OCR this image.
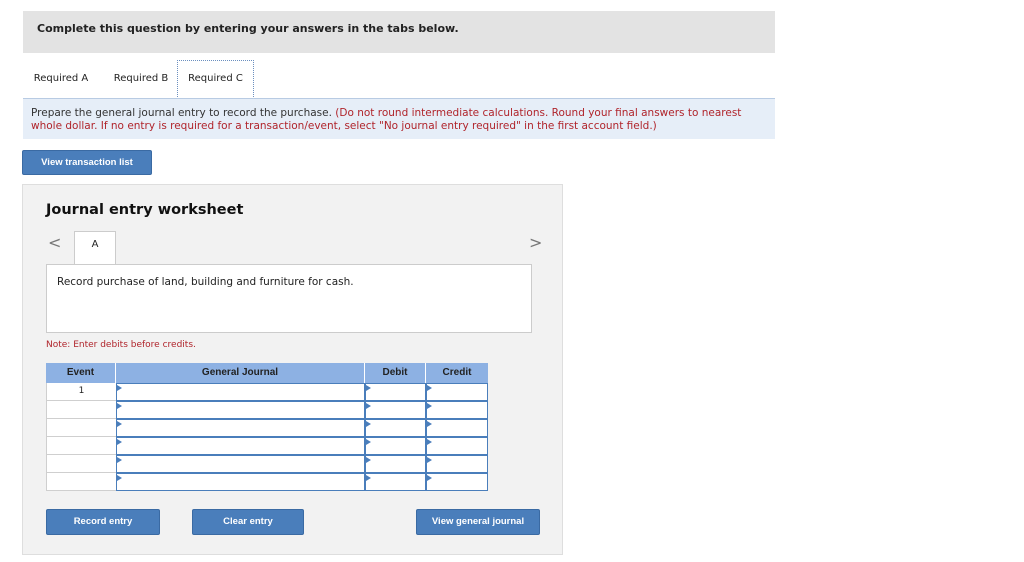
Complete this question by entering your answers in the tabs below.
Required A	Required B	Required C
Prepare the general journal entry to record the purchase. (Do not round intermediate calculations. Round your final answers to nearest whole dollar. If no entry is required for a transaction/event, select "No journal entry required" in the first account field.)
View transaction list
Journal entry worksheet
<	>
A
Record purchase of land, building and furniture for cash.
Note: Enter debits before credits.
Event	General Journal	Debit	Credit
1
Record entry	Clear entry	View general journal
